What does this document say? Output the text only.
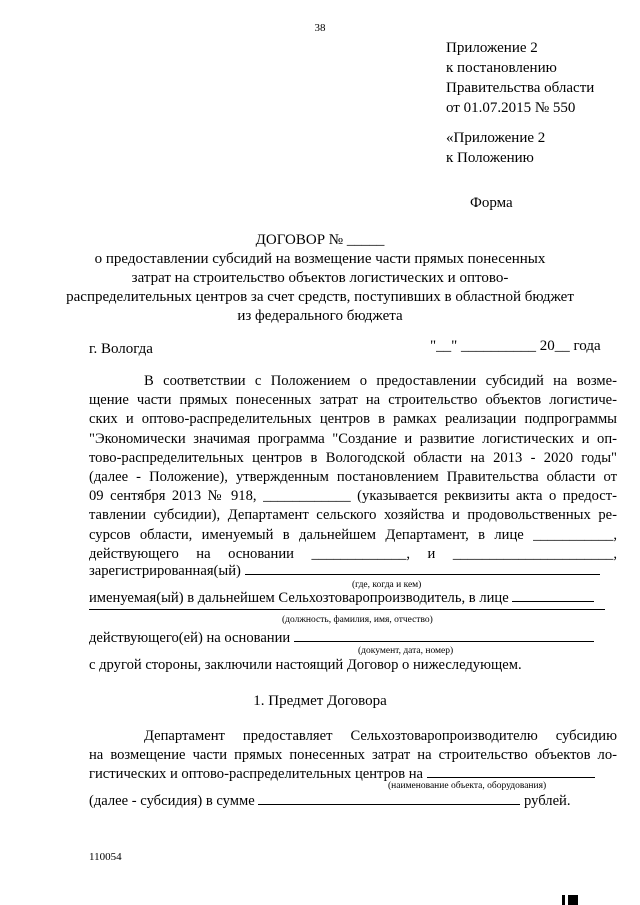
38
Приложение 2
к постановлению
Правительства области
от 01.07.2015 № 550
«Приложение 2
к Положению
Форма
ДОГОВОР № _____
о предоставлении субсидий на возмещение части прямых понесенных
затрат на строительство объектов логистических и оптово-
распределительных центров за счет средств, поступивших в областной бюджет
из федерального бюджета
г. Вологда	"__" __________ 20__ года
В соответствии с Положением о предоставлении субсидий на возме-
щение части прямых понесенных затрат на строительство объектов логистиче-
ских и оптово-распределительных центров в рамках реализации подпрограммы
"Экономически значимая программа "Создание и развитие логистических и оп-
тово-распределительных центров в Вологодской области на 2013 - 2020 годы"
(далее - Положение), утвержденным постановлением Правительства области от
09 сентября 2013 № 918, ____________ (указывается реквизиты акта о предост-
тавлении субсидии), Департамент сельского хозяйства и продовольственных ре-
сурсов области, именуемый в дальнейшем Департамент, в лице ___________,
действующего на основании _____________, и ______________________,
зарегистрированная(ый)
(где, когда и кем)
именуемая(ый) в дальнейшем Сельхозтоваропроизводитель, в лице
(должность, фамилия, имя, отчество)
действующего(ей) на основании
(документ, дата, номер)
с другой стороны, заключили настоящий Договор о нижеследующем.
1. Предмет Договора
Департамент предоставляет Сельхозтоваропроизводителю субсидию
на возмещение части прямых понесенных затрат на строительство объектов ло-
гистических и оптово-распределительных центров на
(наименование объекта, оборудования)
(далее - субсидия) в сумме	рублей.
110054
